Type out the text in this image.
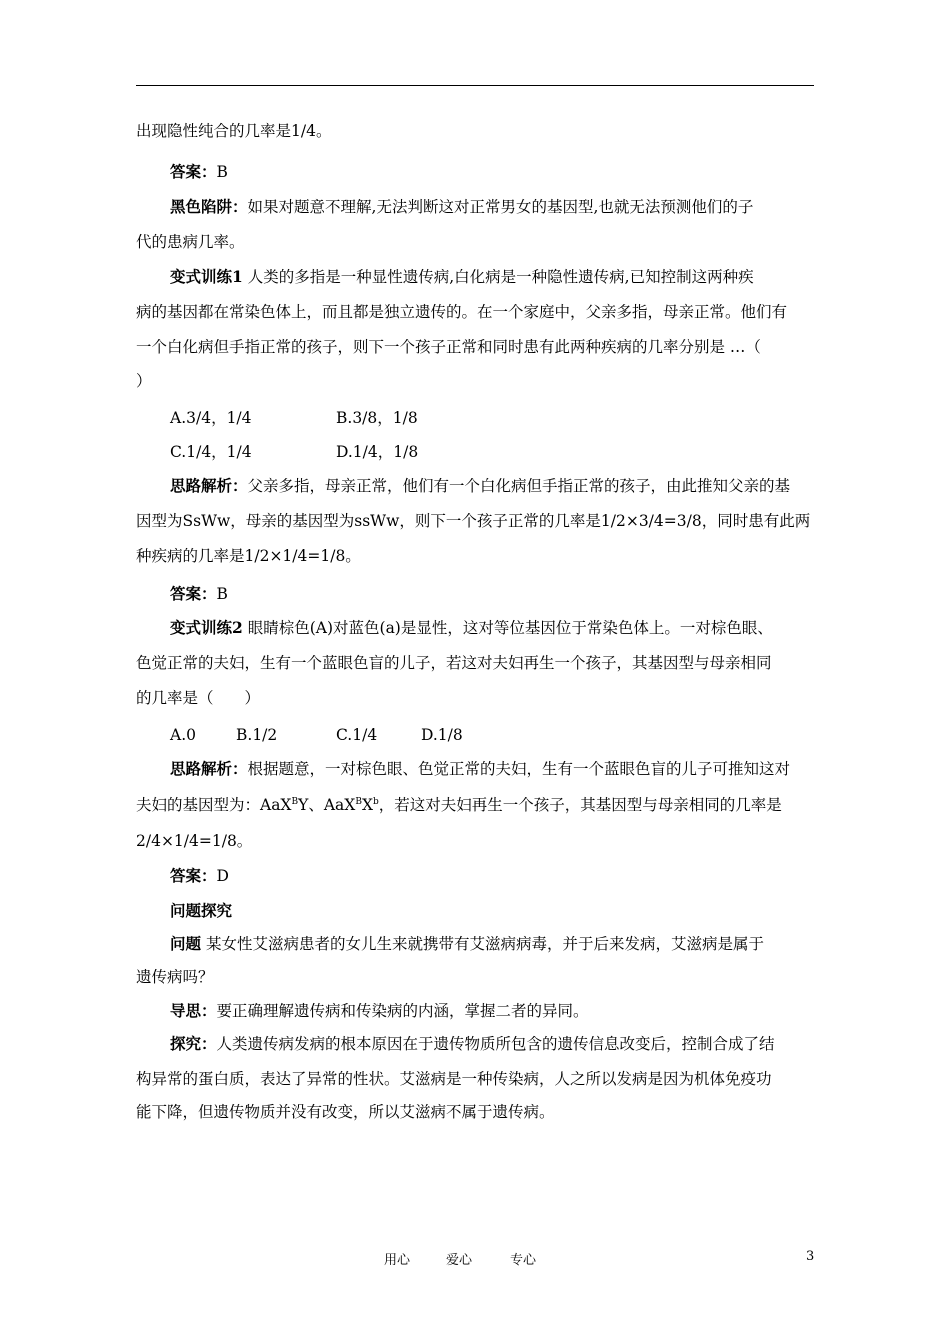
出现隐性纯合的几率是1/4。
答案：B
黑色陷阱：如果对题意不理解,无法判断这对正常男女的基因型,也就无法预测他们的子
代的患病几率。
变式训练1 人类的多指是一种显性遗传病,白化病是一种隐性遗传病,已知控制这两种疾
病的基因都在常染色体上，而且都是独立遗传的。在一个家庭中，父亲多指，母亲正常。他们有
一个白化病但手指正常的孩子，则下一个孩子正常和同时患有此两种疾病的几率分别是 …（
）
A.3/4，1/4	B.3/8，1/8
C.1/4，1/4	D.1/4，1/8
思路解析：父亲多指，母亲正常，他们有一个白化病但手指正常的孩子，由此推知父亲的基
因型为SsWw，母亲的基因型为ssWw，则下一个孩子正常的几率是1/2×3/4=3/8，同时患有此两
种疾病的几率是1/2×1/4=1/8。
答案：B
变式训练2 眼睛棕色(A)对蓝色(a)是显性，这对等位基因位于常染色体上。一对棕色眼、
色觉正常的夫妇，生有一个蓝眼色盲的儿子，若这对夫妇再生一个孩子，其基因型与母亲相同
的几率是（　　）
A.0	B.1/2	C.1/4	D.1/8
思路解析：根据题意，一对棕色眼、色觉正常的夫妇，生有一个蓝眼色盲的儿子可推知这对
夫妇的基因型为：AaX$^B$Y、$AaX^BX^b$，若这对夫妇再生一个孩子，其基因型与母亲相同的几率是
2/4×1/4=1/8。
答案：D
问题探究
问题 某女性艾滋病患者的女儿生来就携带有艾滋病病毒，并于后来发病，艾滋病是属于
遗传病吗？
导思：要正确理解遗传病和传染病的内涵，掌握二者的异同。
探究：人类遗传病发病的根本原因在于遗传物质所包含的遗传信息改变后，控制合成了结
构异常的蛋白质，表达了异常的性状。艾滋病是一种传染病，人之所以发病是因为机体免疫功
能下降，但遗传物质并没有改变，所以艾滋病不属于遗传病。
用心	爱心	专心	3
